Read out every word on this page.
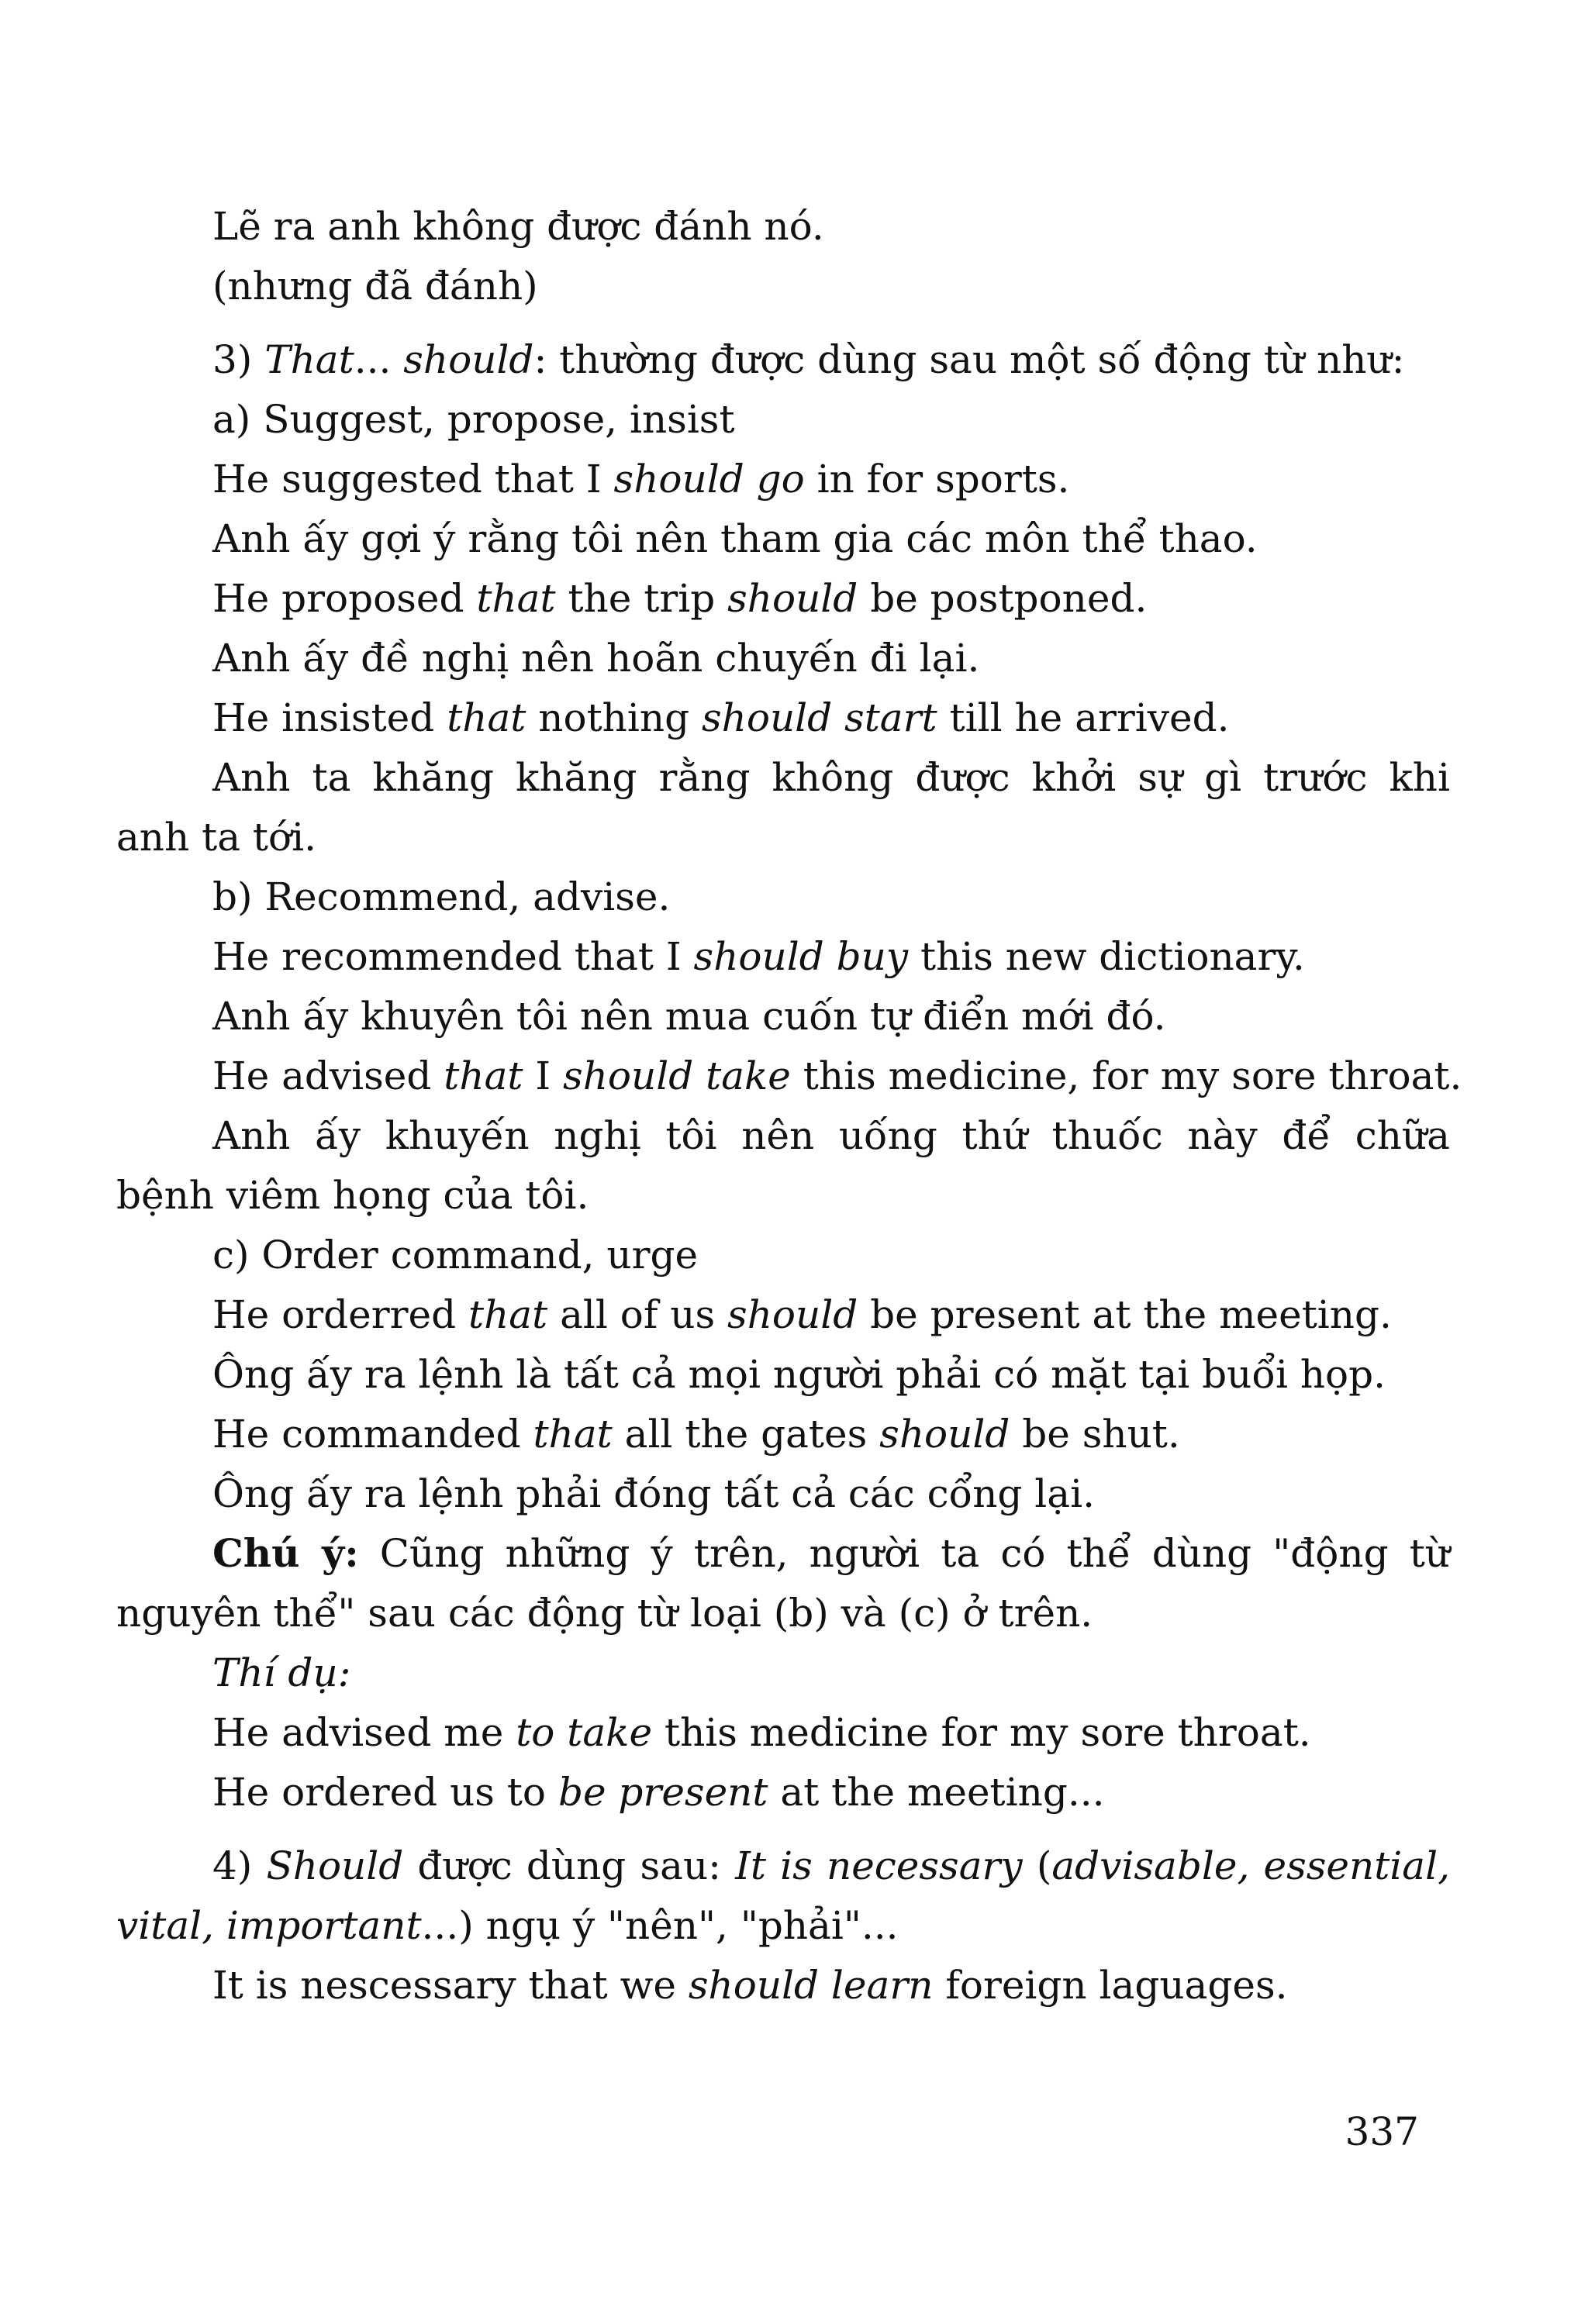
Lẽ ra anh không được đánh nó.

(nhưng đã đánh)

3) That... should: thường được dùng sau một số động từ như:

a) Suggest, propose, insist

He suggested that I should go in for sports.

Anh ấy gợi ý rằng tôi nên tham gia các môn thể thao.

He proposed that the trip should be postponed.

Anh ấy đề nghị nên hoãn chuyến đi lại.

He insisted that nothing should start till he arrived.

Anh ta khăng khăng rằng không được khởi sự gì trước khi

anh ta tới.

b) Recommend, advise.

He recommended that I should buy this new dictionary.

Anh ấy khuyên tôi nên mua cuốn tự điển mới đó.

He advised that I should take this medicine, for my sore throat.

Anh ấy khuyến nghị tôi nên uống thứ thuốc này để chữa

bệnh viêm họng của tôi.

c) Order command, urge

He orderred that all of us should be present at the meeting.

Ông ấy ra lệnh là tất cả mọi người phải có mặt tại buổi họp.

He commanded that all the gates should be shut.

Ông ấy ra lệnh phải đóng tất cả các cổng lại.

Chú ý: Cũng những ý trên, người ta có thể dùng "động từ

nguyên thể" sau các động từ loại (b) và (c) ở trên.

Thí dụ:

He advised me to take this medicine for my sore throat.

He ordered us to be present at the meeting...

4) Should được dùng sau: It is necessary (advisable, essential,

vital, important...) ngụ ý "nên", "phải"...

It is nescessary that we should learn foreign laguages.

337
